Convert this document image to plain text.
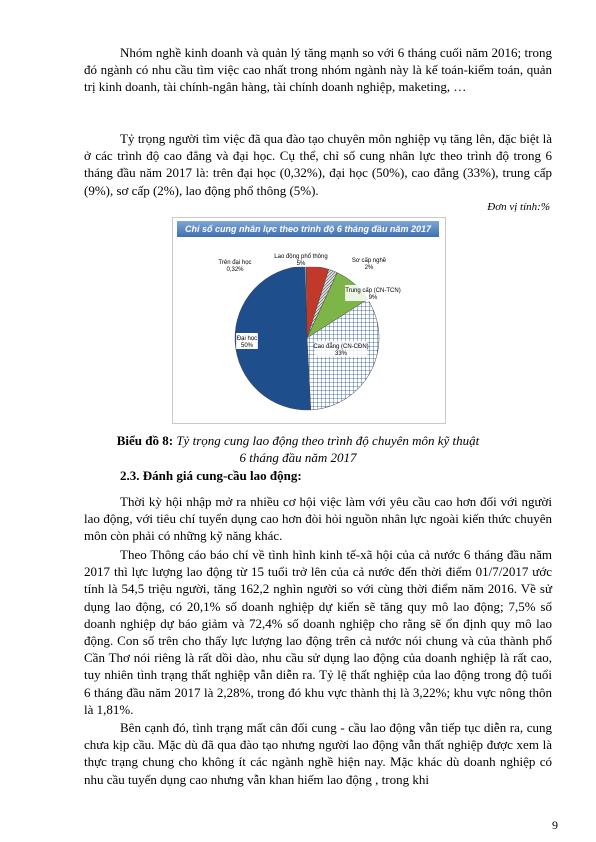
Nhóm nghề kinh doanh và quản lý tăng mạnh so với 6 tháng cuối năm 2016; trong đó ngành có nhu cầu tìm việc cao nhất trong nhóm ngành này là kế toán-kiểm toán, quản trị kinh doanh, tài chính-ngân hàng, tài chính doanh nghiệp, maketing, …

Tỷ trọng người tìm việc đã qua đào tạo chuyên môn nghiệp vụ tăng lên, đặc biệt là ở các trình độ cao đẳng và đại học. Cụ thể, chỉ số cung nhân lực theo trình độ trong 6 tháng đầu năm 2017 là: trên đại học (0,32%), đại học (50%), cao đẳng (33%), trung cấp (9%), sơ cấp (2%), lao động phổ thông (5%).

Đơn vị tính:%
Chỉ số cung nhân lực theo trình độ 6 tháng đầu năm 2017
Trên đại học
0,32%
Lao động phổ thông
5%	Sơ cấp nghề
2%
Trung cấp (CN-TCN)
9%
Cao đẳng (CN-CĐN)
33%
Đại học
50%
Biểu đồ 8: Tỷ trọng cung lao động theo trình độ chuyên môn kỹ thuật
6 tháng đầu năm 2017
2.3. Đánh giá cung-cầu lao động:

Thời kỳ hội nhập mở ra nhiều cơ hội việc làm với yêu cầu cao hơn đối với người lao động, với tiêu chí tuyển dụng cao hơn đòi hỏi nguồn nhân lực ngoài kiến thức chuyên môn còn phải có những kỹ năng khác.

Theo Thông cáo báo chí về tình hình kinh tế-xã hội của cả nước 6 tháng đầu năm 2017 thì lực lượng lao động từ 15 tuổi trở lên của cả nước đến thời điểm 01/7/2017 ước tính là 54,5 triệu người, tăng 162,2 nghìn người so với cùng thời điểm năm 2016. Về sử dụng lao động, có 20,1% số doanh nghiệp dự kiến sẽ tăng quy mô lao động; 7,5% số doanh nghiệp dự báo giảm và 72,4% số doanh nghiệp cho rằng sẽ ổn định quy mô lao động. Con số trên cho thấy lực lượng lao động trên cả nước nói chung và của thành phố Cần Thơ nói riêng là rất dồi dào, nhu cầu sử dụng lao động của doanh nghiệp là rất cao, tuy nhiên tình trạng thất nghiệp vẫn diễn ra. Tỷ lệ thất nghiệp của lao động trong độ tuổi 6 tháng đầu năm 2017 là 2,28%, trong đó khu vực thành thị là 3,22%; khu vực nông thôn là 1,81%.

Bên cạnh đó, tình trạng mất cân đối cung - cầu lao động vẫn tiếp tục diễn ra, cung chưa kịp cầu. Mặc dù đã qua đào tạo nhưng người lao động vẫn thất nghiệp được xem là thực trạng chung cho không ít các ngành nghề hiện nay. Mặc khác dù doanh nghiệp có nhu cầu tuyển dụng cao nhưng vẫn khan hiếm lao động , trong khi

9
